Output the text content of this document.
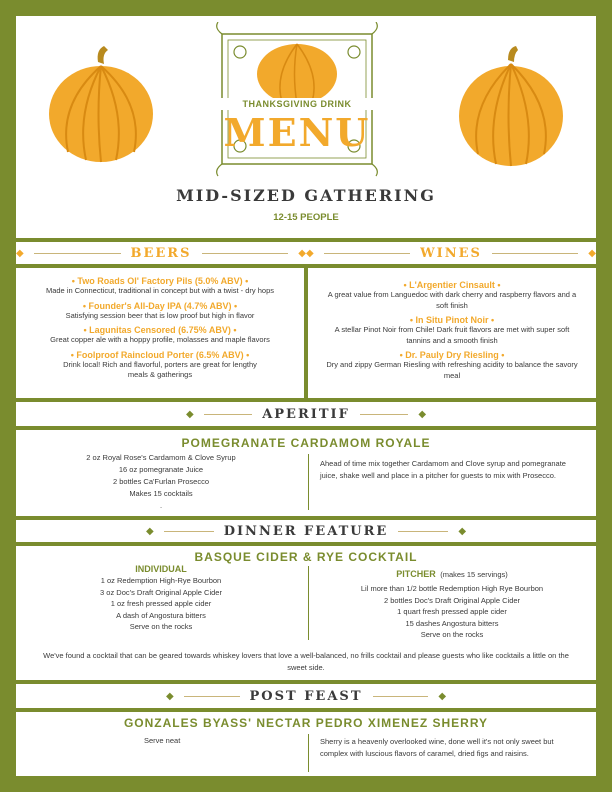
THANKSGIVING DRINK
MENU
MID-SIZED GATHERING
12-15 PEOPLE
◆	BEERS	◆ ◆	WINES	◆
• Two Roads Ol' Factory Pils (5.0% ABV) •
Made in Connecticut, traditional in concept but with a twist - dry hops
• Founder's All-Day IPA (4.7% ABV) •
Satisfying session beer that is low proof but high in flavor
• Lagunitas Censored (6.75% ABV) •
Great copper ale with a hoppy profile, molasses and maple flavors
• Foolproof Raincloud Porter (6.5% ABV) •
Drink local! Rich and flavorful, porters are great for lengthy meals & gatherings
• L'Argentier Cinsault •
A great value from Languedoc with dark cherry and raspberry flavors and a soft finish
• In Situ Pinot Noir •
A stellar Pinot Noir from Chile! Dark fruit flavors are met with super soft tannins and a smooth finish
• Dr. Pauly Dry Riesling •
Dry and zippy German Riesling with refreshing acidity to balance the savory meal
◆	APERITIF	◆
POMEGRANATE CARDAMOM ROYALE
2 oz Royal Rose's Cardamom & Clove Syrup
16 oz pomegranate Juice
2 bottles Ca'Furlan Prosecco
Makes 15 cocktails
.
Ahead of time mix together Cardamom and Clove syrup and pomegranate juice, shake well and place in a pitcher for guests to mix with Prosecco.
◆	DINNER FEATURE	◆
BASQUE CIDER & RYE COCKTAIL
INDIVIDUAL
1 oz Redemption High-Rye Bourbon
3 oz Doc's Draft Original Apple Cider
1 oz fresh pressed apple cider
A dash of Angostura bitters
Serve on the rocks
PITCHER (makes 15 servings)
Lil more than 1/2 bottle Redemption High Rye Bourbon
2 bottles Doc's Draft Original Apple Cider
1 quart fresh pressed apple cider
15 dashes Angostura bitters
Serve on the rocks
We've found a cocktail that can be geared towards whiskey lovers that love a well-balanced, no frills cocktail and please guests who like cocktails a little on the sweet side.
◆	POST FEAST	◆
GONZALES BYASS' NECTAR PEDRO XIMENEZ SHERRY
Serve neat	Sherry is a heavenly overlooked wine, done well it's not only sweet but complex with luscious flavors of caramel, dried figs and raisins.
